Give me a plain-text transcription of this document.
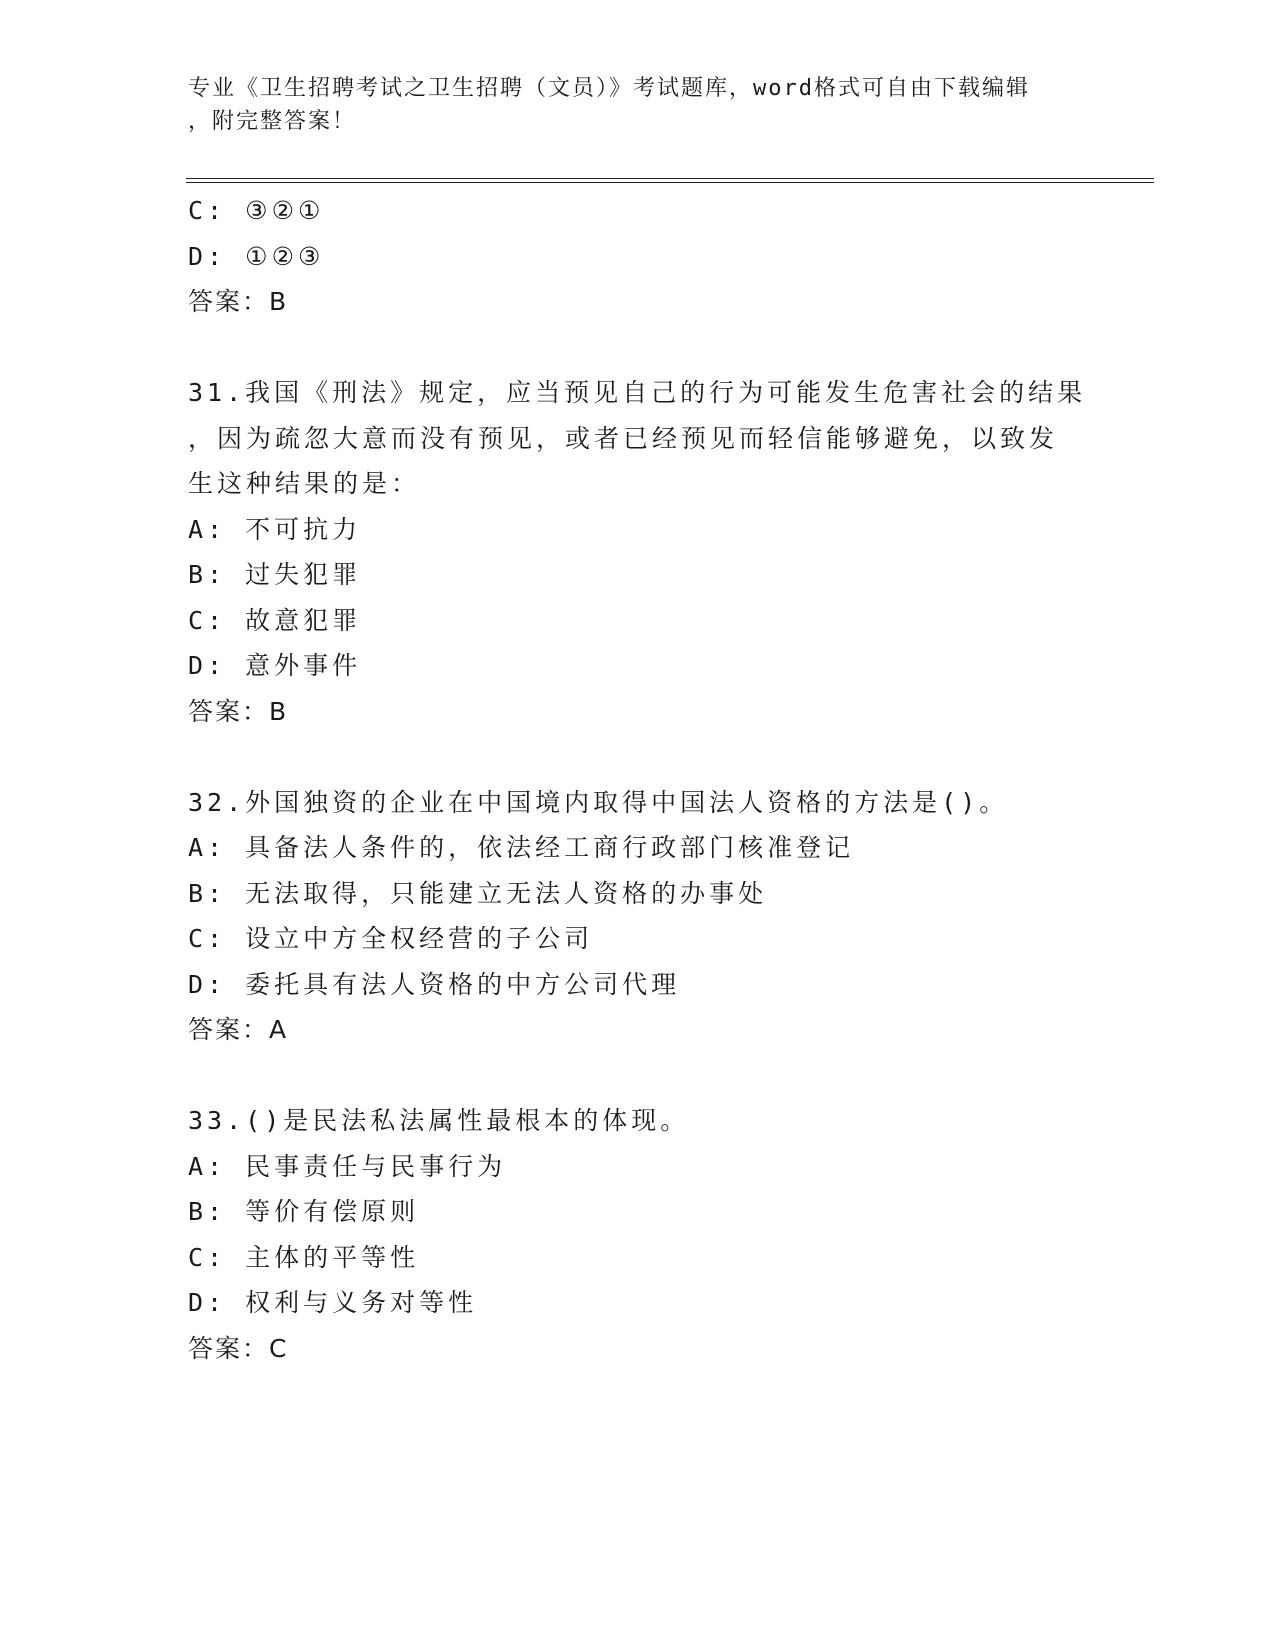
专业《卫生招聘考试之卫生招聘（文员）》考试题库，word格式可自由下载编辑
，附完整答案！
C: ③②①
D: ①②③
答案：B
31.我国《刑法》规定，应当预见自己的行为可能发生危害社会的结果
，因为疏忽大意而没有预见，或者已经预见而轻信能够避免，以致发
生这种结果的是：
A: 不可抗力
B: 过失犯罪
C: 故意犯罪
D: 意外事件
答案：B
32.外国独资的企业在中国境内取得中国法人资格的方法是()。
A: 具备法人条件的，依法经工商行政部门核准登记
B: 无法取得，只能建立无法人资格的办事处
C: 设立中方全权经营的子公司
D: 委托具有法人资格的中方公司代理
答案：A
33.()是民法私法属性最根本的体现。
A: 民事责任与民事行为
B: 等价有偿原则
C: 主体的平等性
D: 权利与义务对等性
答案：C
